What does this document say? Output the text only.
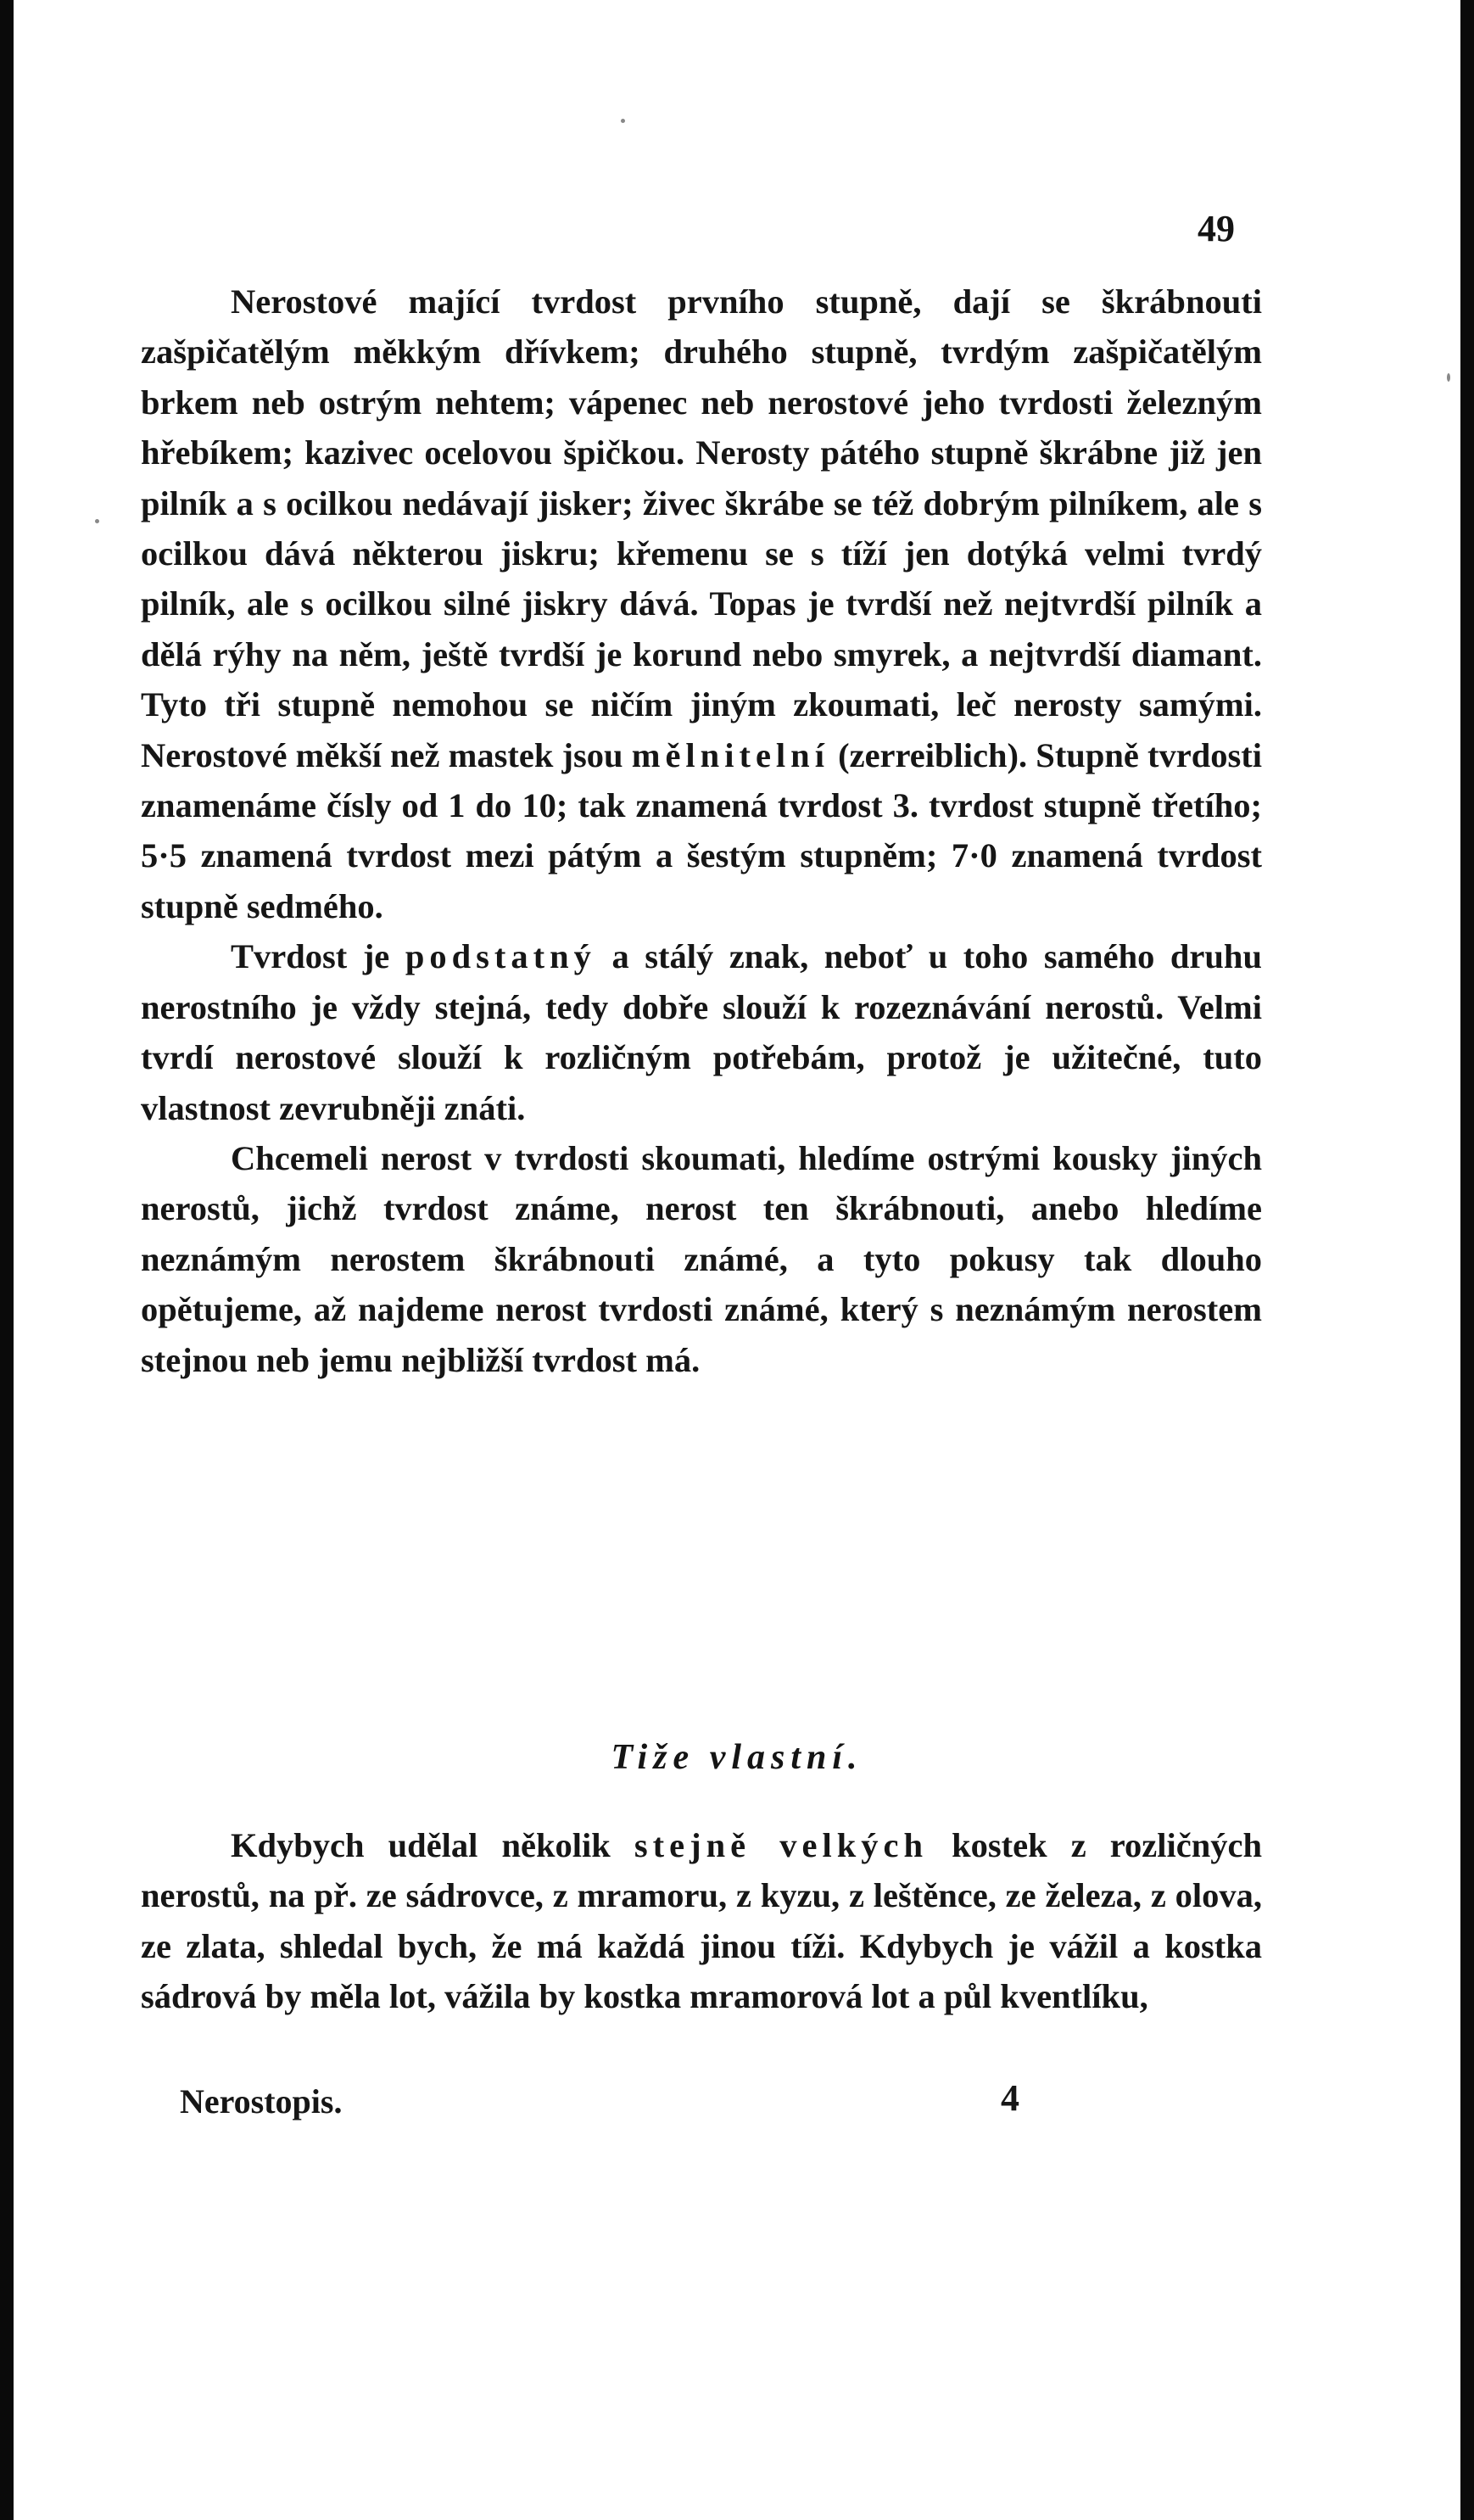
49

Nerostové mající tvrdost prvního stupně, dají se škrábnouti zašpičatělým měkkým dřívkem; druhého stupně, tvrdým zašpičatělým brkem neb ostrým nehtem; vápenec neb nerostové jeho tvrdosti železným hřebíkem; kazivec ocelovou špičkou. Nerosty pátého stupně škrábne již jen pilník a s ocilkou nedávají jisker; živec škrábe se též dobrým pilníkem, ale s ocilkou dává některou jiskru; křemenu se s tíží jen dotýká velmi tvrdý pilník, ale s ocilkou silné jiskry dává. Topas je tvrdší než nejtvrdší pilník a dělá rýhy na něm, ještě tvrdší je korund nebo smyrek, a nejtvrdší diamant. Tyto tři stupně nemohou se ničím jiným zkoumati, leč nerosty samými. Nerostové měkší než mastek jsou mělnitelní (zerreiblich). Stupně tvrdosti znamenáme čísly od 1 do 10; tak znamená tvrdost 3. tvrdost stupně třetího; 5·5 znamená tvrdost mezi pátým a šestým stupněm; 7·0 znamená tvrdost stupně sedmého.

Tvrdost je podstatný a stálý znak, neboť u toho samého druhu nerostního je vždy stejná, tedy dobře slouží k rozeznávání nerostů. Velmi tvrdí nerostové slouží k rozličným potřebám, protož je užitečné, tuto vlastnost zevrubněji znáti.

Chcemeli nerost v tvrdosti skoumati, hledíme ostrými kousky jiných nerostů, jichž tvrdost známe, nerost ten škrábnouti, anebo hledíme neznámým nerostem škrábnouti známé, a tyto pokusy tak dlouho opětujeme, až najdeme nerost tvrdosti známé, který s neznámým nerostem stejnou neb jemu nejbližší tvrdost má.

Tiže vlastní.

Kdybych udělal několik stejně velkých kostek z rozličných nerostů, na př. ze sádrovce, z mramoru, z kyzu, z leštěnce, ze železa, z olova, ze zlata, shledal bych, že má každá jinou tíži. Kdybych je vážil a kostka sádrová by měla lot, vážila by kostka mramorová lot a půl kventlíku,

Nerostopis.	4
